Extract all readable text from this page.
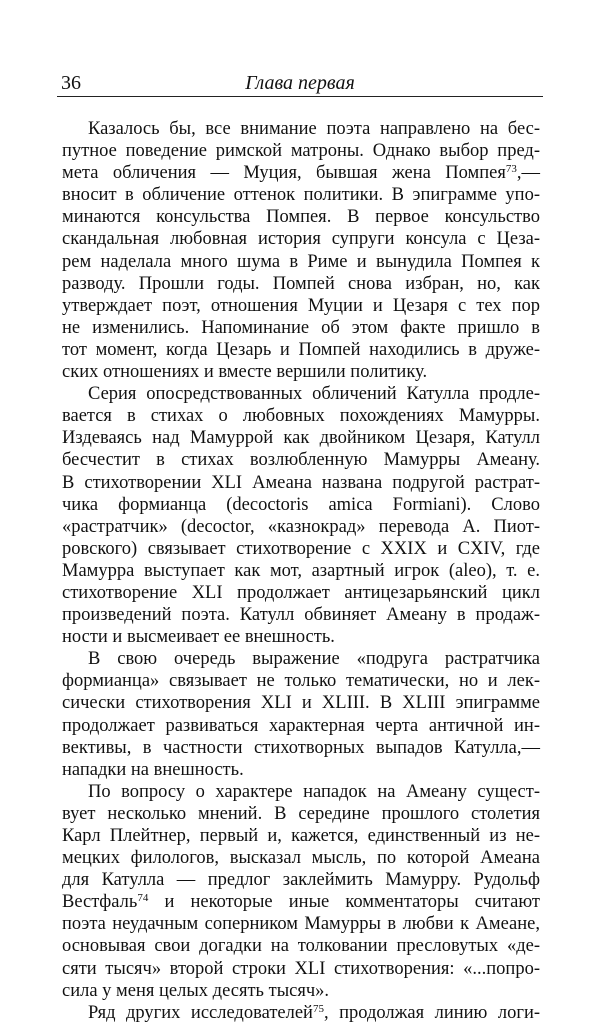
36	Глава первая
Казалось бы, все внимание поэта направлено на бес-
путное поведение римской матроны. Однако выбор пред-
мета обличения — Муция, бывшая жена Помпея$^{73}$,—
вносит в обличение оттенок политики. В эпиграмме упо-
минаются консульства Помпея. В первое консульство
скандальная любовная история супруги консула с Цеза-
рем наделала много шума в Риме и вынудила Помпея к
разводу. Прошли годы. Помпей снова избран, но, как
утверждает поэт, отношения Муции и Цезаря с тех пор
не изменились. Напоминание об этом факте пришло в
тот момент, когда Цезарь и Помпей находились в друже-
ских отношениях и вместе вершили политику.
Серия опосредствованных обличений Катулла продле-
вается в стихах о любовных похождениях Мамурры.
Издеваясь над Мамуррой как двойником Цезаря, Катулл
бесчестит в стихах возлюбленную Мамурры Амеану.
В стихотворении XLI Амеана названа подругой растрат-
чика формианца (decoctoris amica Formiani). Слово
«растратчик» (decoctor, «казнокрад» перевода А. Пиот-
ровского) связывает стихотворение с XXIX и CXIV, где
Мамурра выступает как мот, азартный игрок (aleo), т. е.
стихотворение XLI продолжает антицезарьянский цикл
произведений поэта. Катулл обвиняет Амеану в продаж-
ности и высмеивает ее внешность.
В свою очередь выражение «подруга растратчика
формианца» связывает не только тематически, но и лек-
сически стихотворения XLI и XLIII. В XLIII эпиграмме
продолжает развиваться характерная черта античной ин-
вективы, в частности стихотворных выпадов Катулла,—
нападки на внешность.
По вопросу о характере нападок на Амеану сущест-
вует несколько мнений. В середине прошлого столетия
Карл Плейтнер, первый и, кажется, единственный из не-
мецких филологов, высказал мысль, по которой Амеана
для Катулла — предлог заклеймить Мамурру. Рудольф
Вестфаль$^{74}$ и некоторые иные комментаторы считают
поэта неудачным соперником Мамурры в любви к Амеане,
основывая свои догадки на толковании пресловутых «де-
сяти тысяч» второй строки XLI стихотворения: «...попро-
сила у меня целых десять тысяч».
Ряд других исследователей$^{75}$, продолжая линию логи-
